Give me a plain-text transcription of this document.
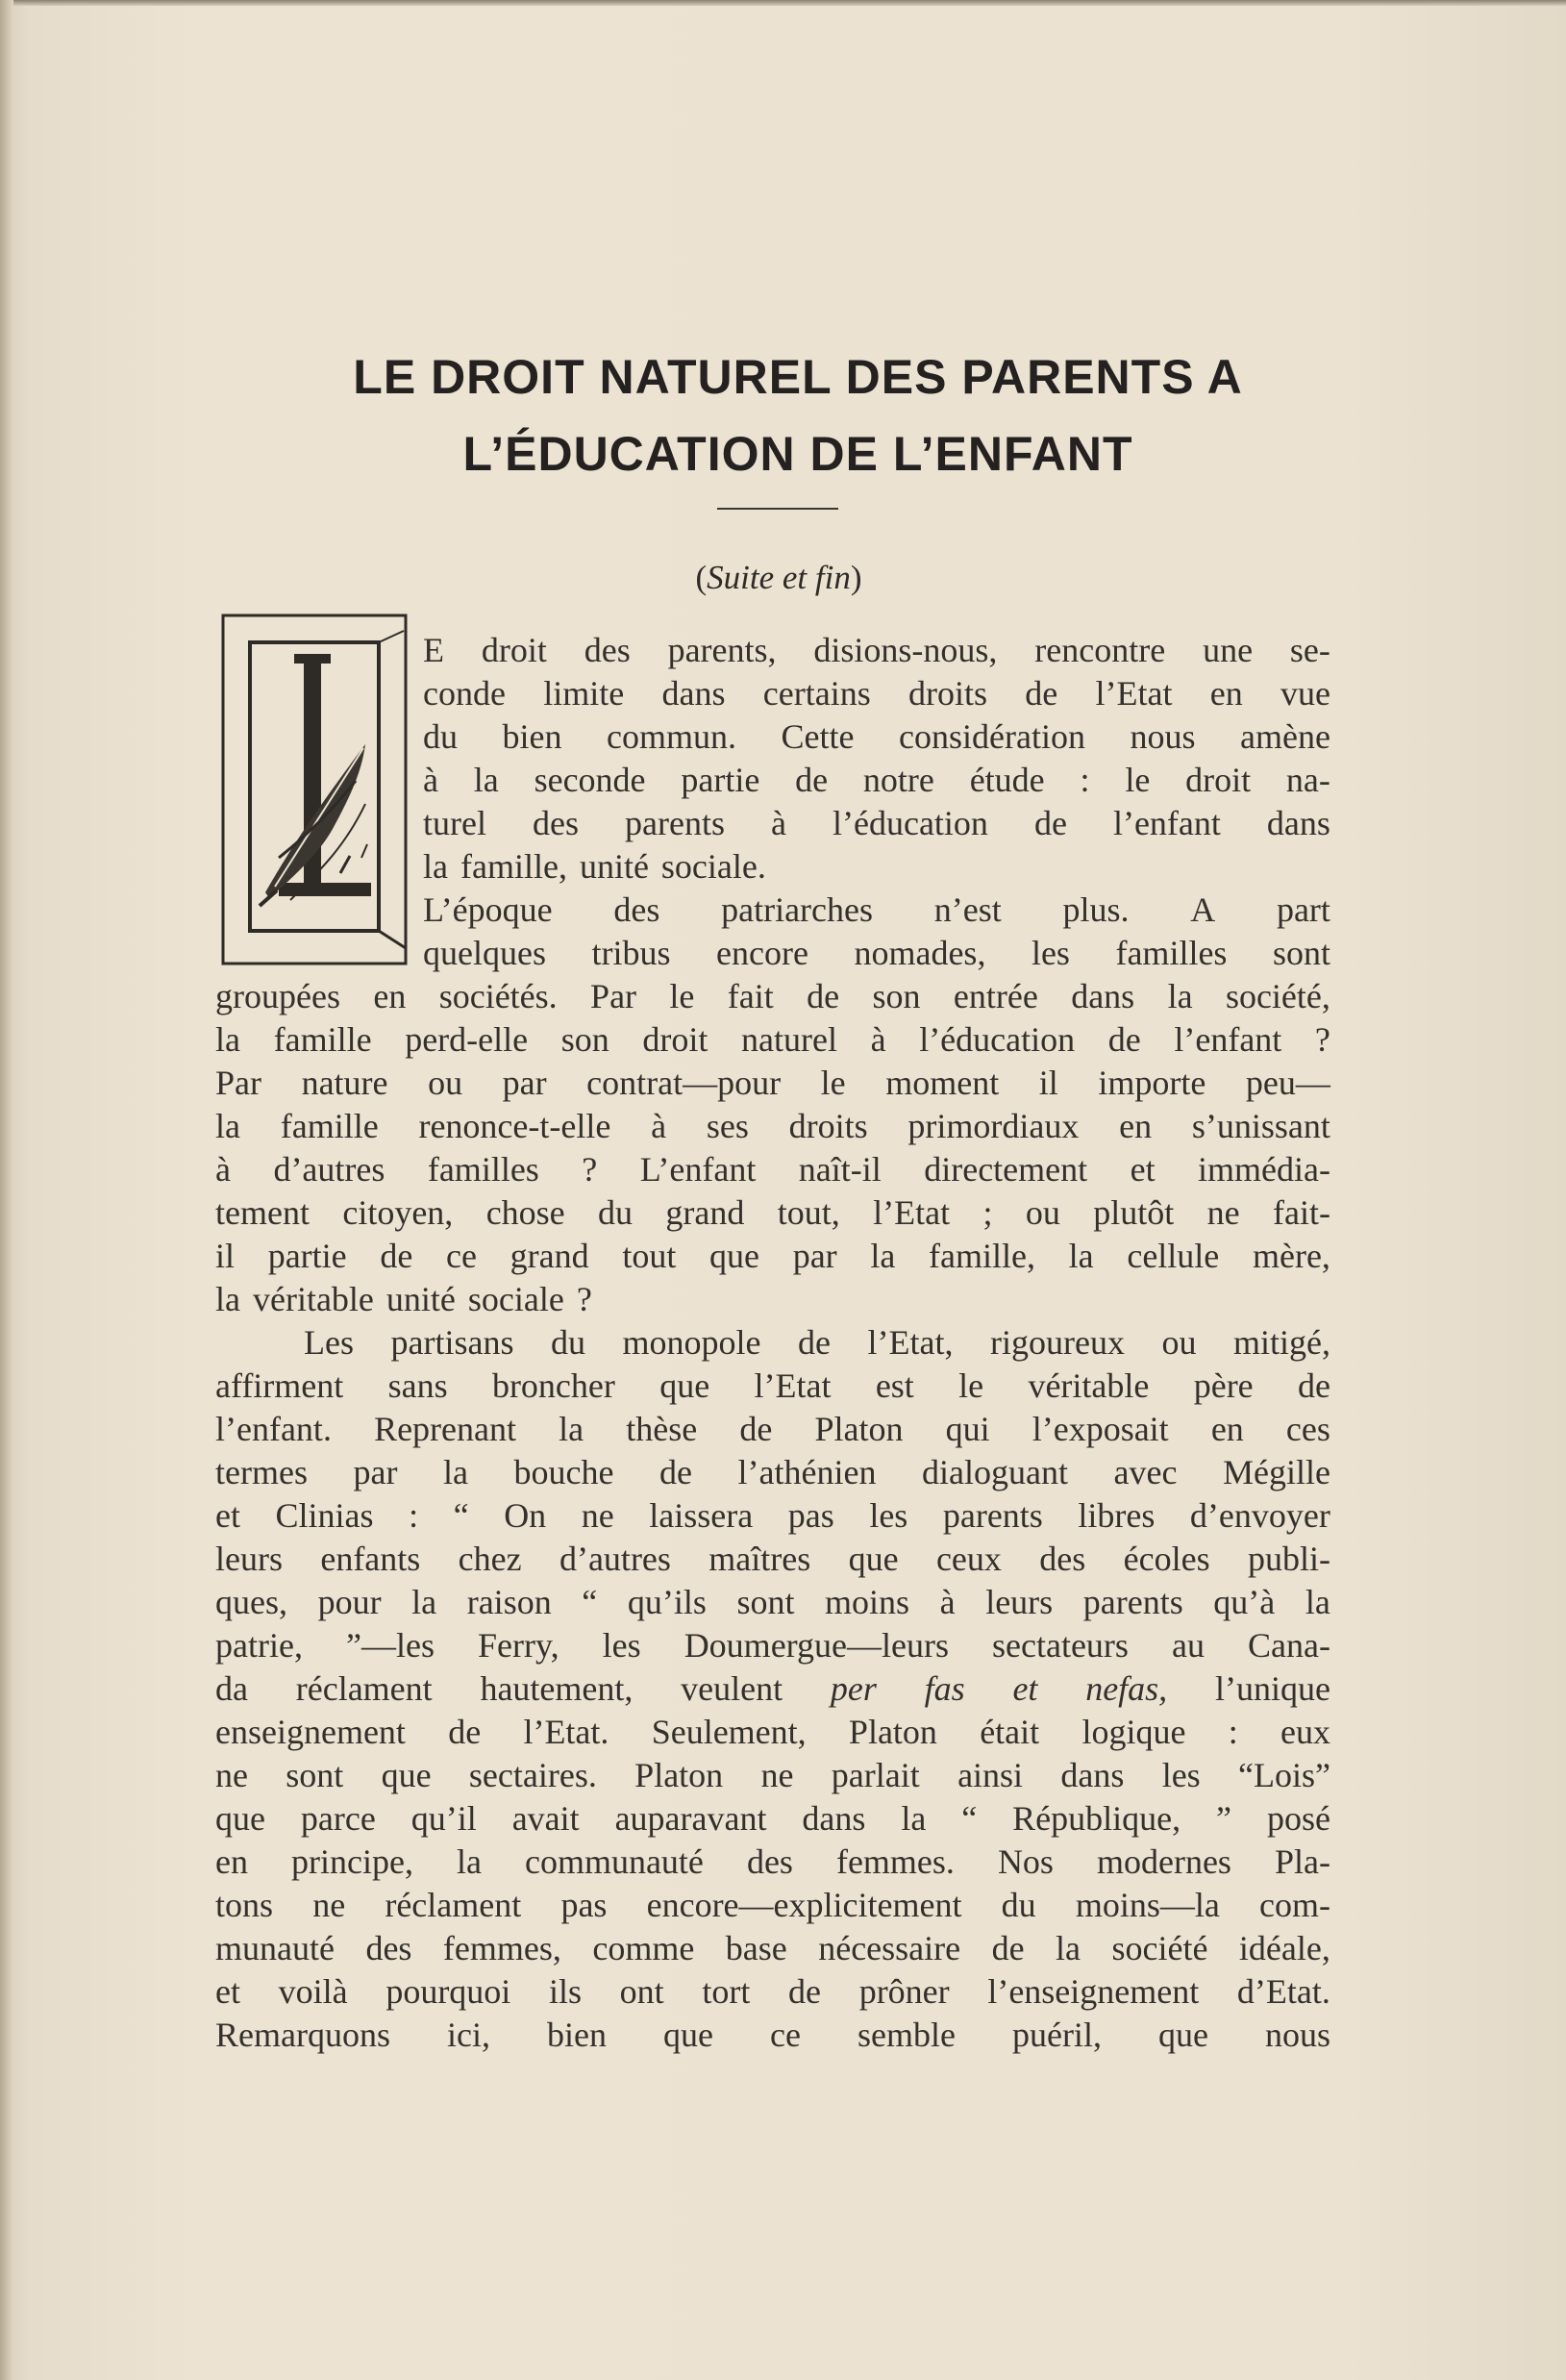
LE DROIT NATUREL DES PARENTS A
L’ÉDUCATION DE L’ENFANT
(Suite et fin)
E droit des parents, disions-nous, rencontre une se-
conde limite dans certains droits de l’Etat en vue
du bien commun. Cette considération nous amène
à la seconde partie de notre étude : le droit na-
turel des parents à l’éducation de l’enfant dans
la famille, unité sociale.
L’époque des patriarches n’est plus. A part
quelques tribus encore nomades, les familles sont
groupées en sociétés. Par le fait de son entrée dans la société,
la famille perd-elle son droit naturel à l’éducation de l’enfant ?
Par nature ou par contrat—pour le moment il importe peu—
la famille renonce-t-elle à ses droits primordiaux en s’unissant
à d’autres familles ? L’enfant naît-il directement et immédia-
tement citoyen, chose du grand tout, l’Etat ; ou plutôt ne fait-
il partie de ce grand tout que par la famille, la cellule mère,
la véritable unité sociale ?
Les partisans du monopole de l’Etat, rigoureux ou mitigé,
affirment sans broncher que l’Etat est le véritable père de
l’enfant. Reprenant la thèse de Platon qui l’exposait en ces
termes par la bouche de l’athénien dialoguant avec Mégille
et Clinias : “ On ne laissera pas les parents libres d’envoyer
leurs enfants chez d’autres maîtres que ceux des écoles publi-
ques, pour la raison “ qu’ils sont moins à leurs parents qu’à la
patrie, ”—les Ferry, les Doumergue—leurs sectateurs au Cana-
da réclament hautement, veulent per fas et nefas, l’unique
enseignement de l’Etat. Seulement, Platon était logique : eux
ne sont que sectaires. Platon ne parlait ainsi dans les “Lois”
que parce qu’il avait auparavant dans la “ République, ” posé
en principe, la communauté des femmes. Nos modernes Pla-
tons ne réclament pas encore—explicitement du moins—la com-
munauté des femmes, comme base nécessaire de la société idéale,
et voilà pourquoi ils ont tort de prôner l’enseignement d’Etat.
Remarquons ici, bien que ce semble puéril, que nous
